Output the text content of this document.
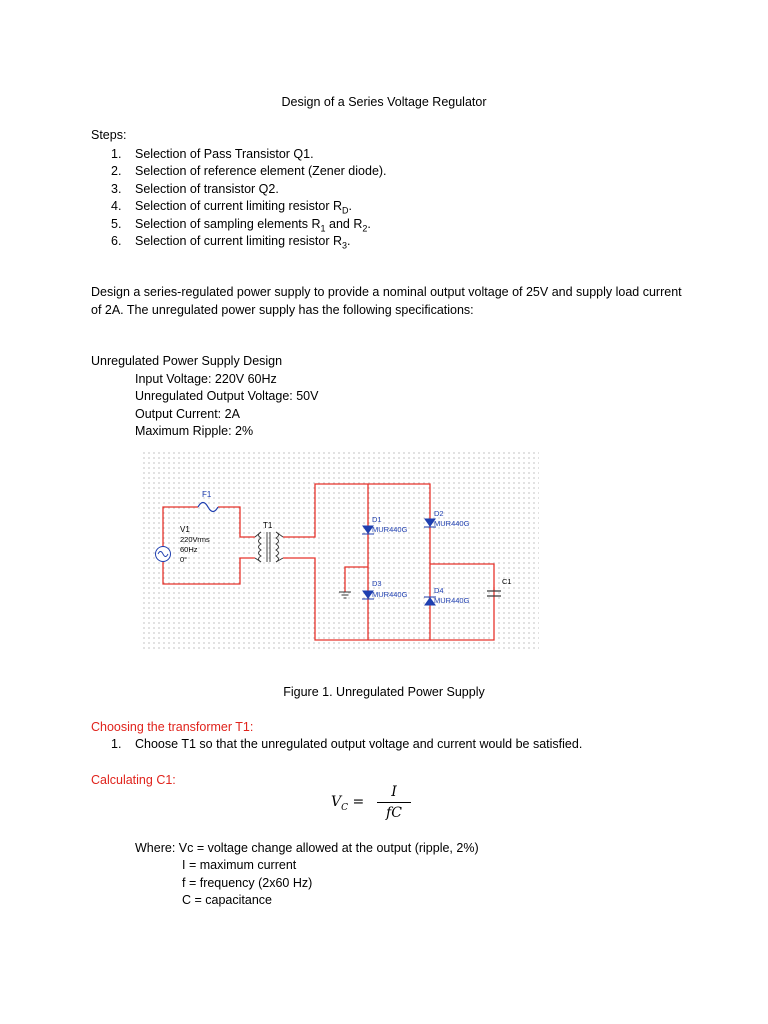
Design of a Series Voltage Regulator
Steps:
1. Selection of Pass Transistor Q1.
2. Selection of reference element (Zener diode).
3. Selection of transistor Q2.
4. Selection of current limiting resistor $R_D$.
5. Selection of sampling elements $R_1$ and $R_2$.
6. Selection of current limiting resistor $R_3$.
Design a series-regulated power supply to provide a nominal output voltage of 25V and supply load current of 2A. The unregulated power supply has the following specifications:
Unregulated Power Supply Design
Input Voltage: 220V 60Hz
Unregulated Output Voltage: 50V
Output Current: 2A
Maximum Ripple: 2%
F1
V1
220Vrms
60Hz
0°
T1
D1
MUR440G
D2
MUR440G
D3
MUR440G	D4
MUR440G
C1
Figure 1. Unregulated Power Supply
Choosing the transformer T1:
1. Choose T1 so that the unregulated output voltage and current would be satisfied.
Calculating C1:
$V_C$ =
I
fC
Where: Vc = voltage change allowed at the output (ripple, 2%)
I = maximum current
f = frequency (2x60 Hz)
C = capacitance
